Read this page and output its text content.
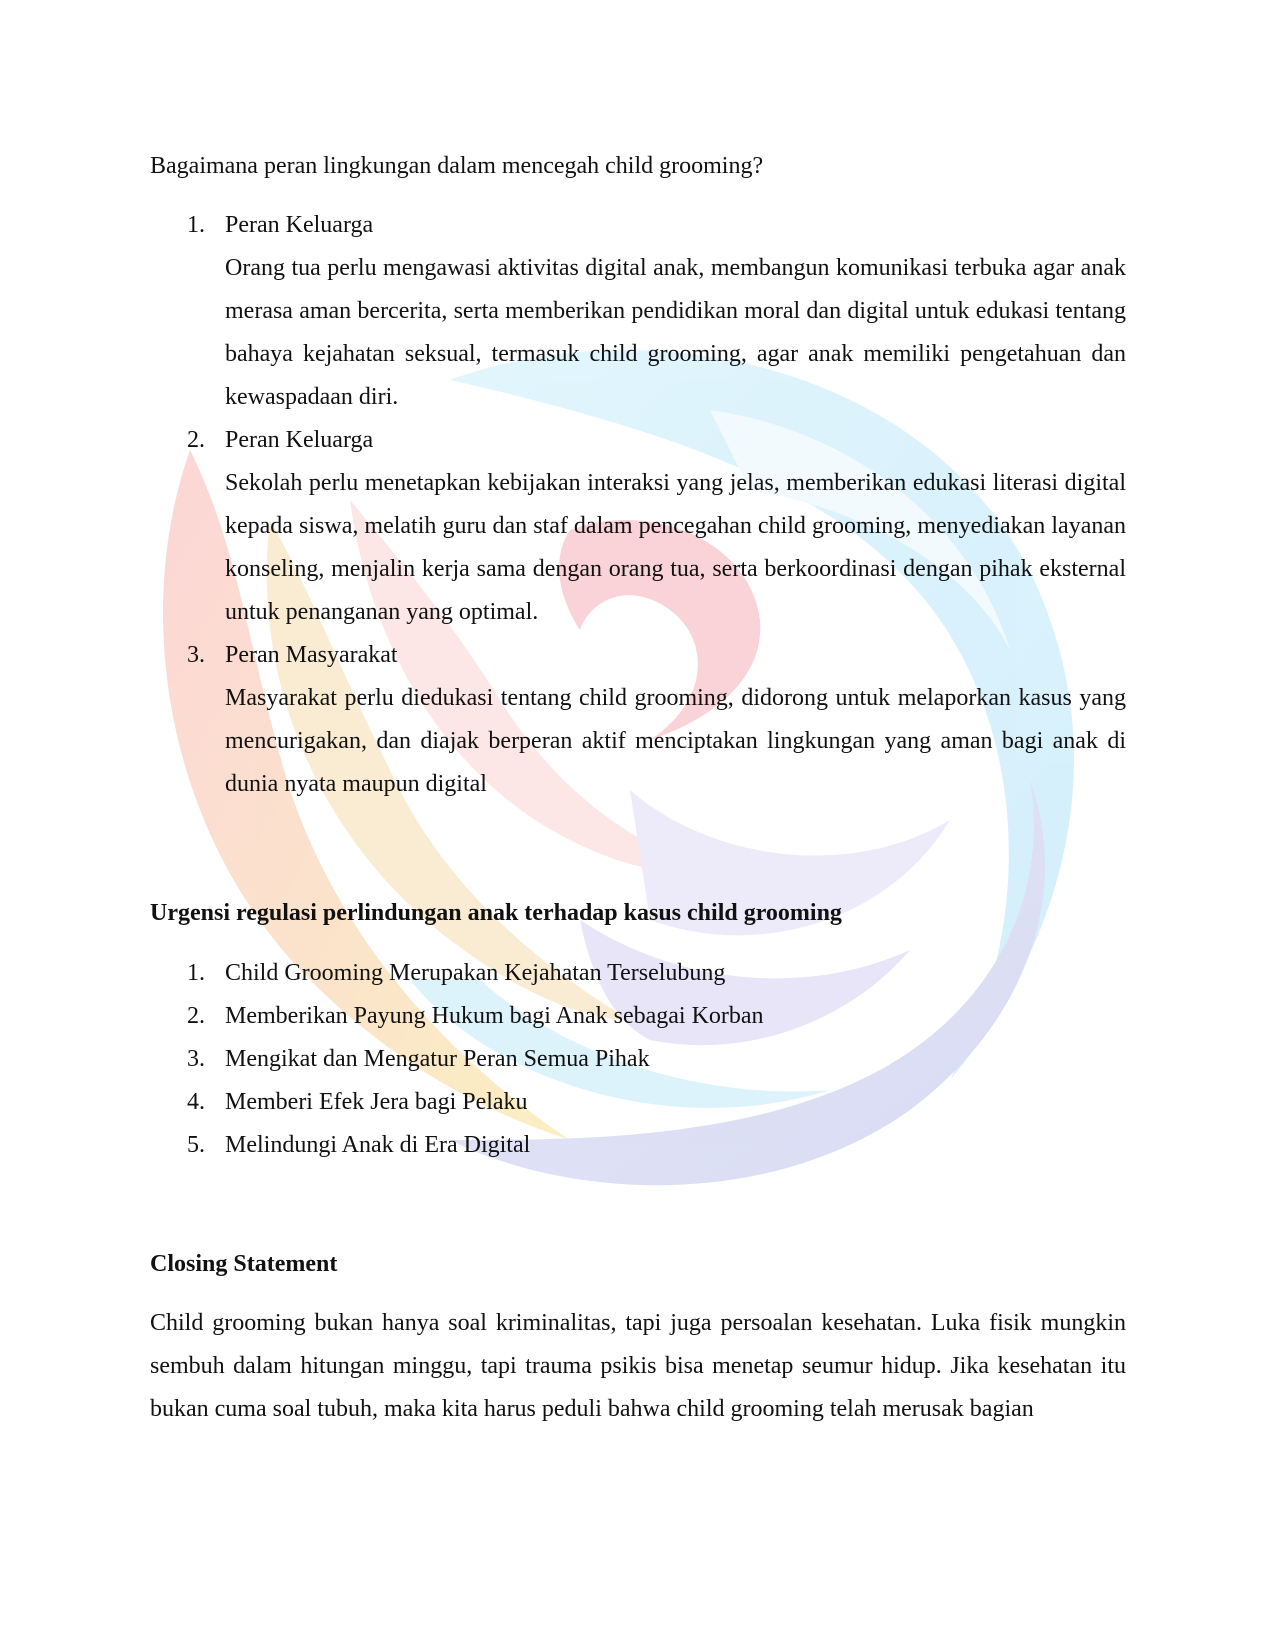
Bagaimana peran lingkungan dalam mencegah child grooming?

1. Peran Keluarga
Orang tua perlu mengawasi aktivitas digital anak, membangun komunikasi terbuka agar anak merasa aman bercerita, serta memberikan pendidikan moral dan digital untuk edukasi tentang bahaya kejahatan seksual, termasuk child grooming, agar anak memiliki pengetahuan dan kewaspadaan diri.
2. Peran Keluarga
Sekolah perlu menetapkan kebijakan interaksi yang jelas, memberikan edukasi literasi digital kepada siswa, melatih guru dan staf dalam pencegahan child grooming, menyediakan layanan konseling, menjalin kerja sama dengan orang tua, serta berkoordinasi dengan pihak eksternal untuk penanganan yang optimal.
3. Peran Masyarakat
Masyarakat perlu diedukasi tentang child grooming, didorong untuk melaporkan kasus yang mencurigakan, dan diajak berperan aktif menciptakan lingkungan yang aman bagi anak di dunia nyata maupun digital

Urgensi regulasi perlindungan anak terhadap kasus child grooming

1. Child Grooming Merupakan Kejahatan Terselubung
2. Memberikan Payung Hukum bagi Anak sebagai Korban
3. Mengikat dan Mengatur Peran Semua Pihak
4. Memberi Efek Jera bagi Pelaku
5. Melindungi Anak di Era Digital

Closing Statement

Child grooming bukan hanya soal kriminalitas, tapi juga persoalan kesehatan. Luka fisik mungkin sembuh dalam hitungan minggu, tapi trauma psikis bisa menetap seumur hidup. Jika kesehatan itu bukan cuma soal tubuh, maka kita harus peduli bahwa child grooming telah merusak bagian
